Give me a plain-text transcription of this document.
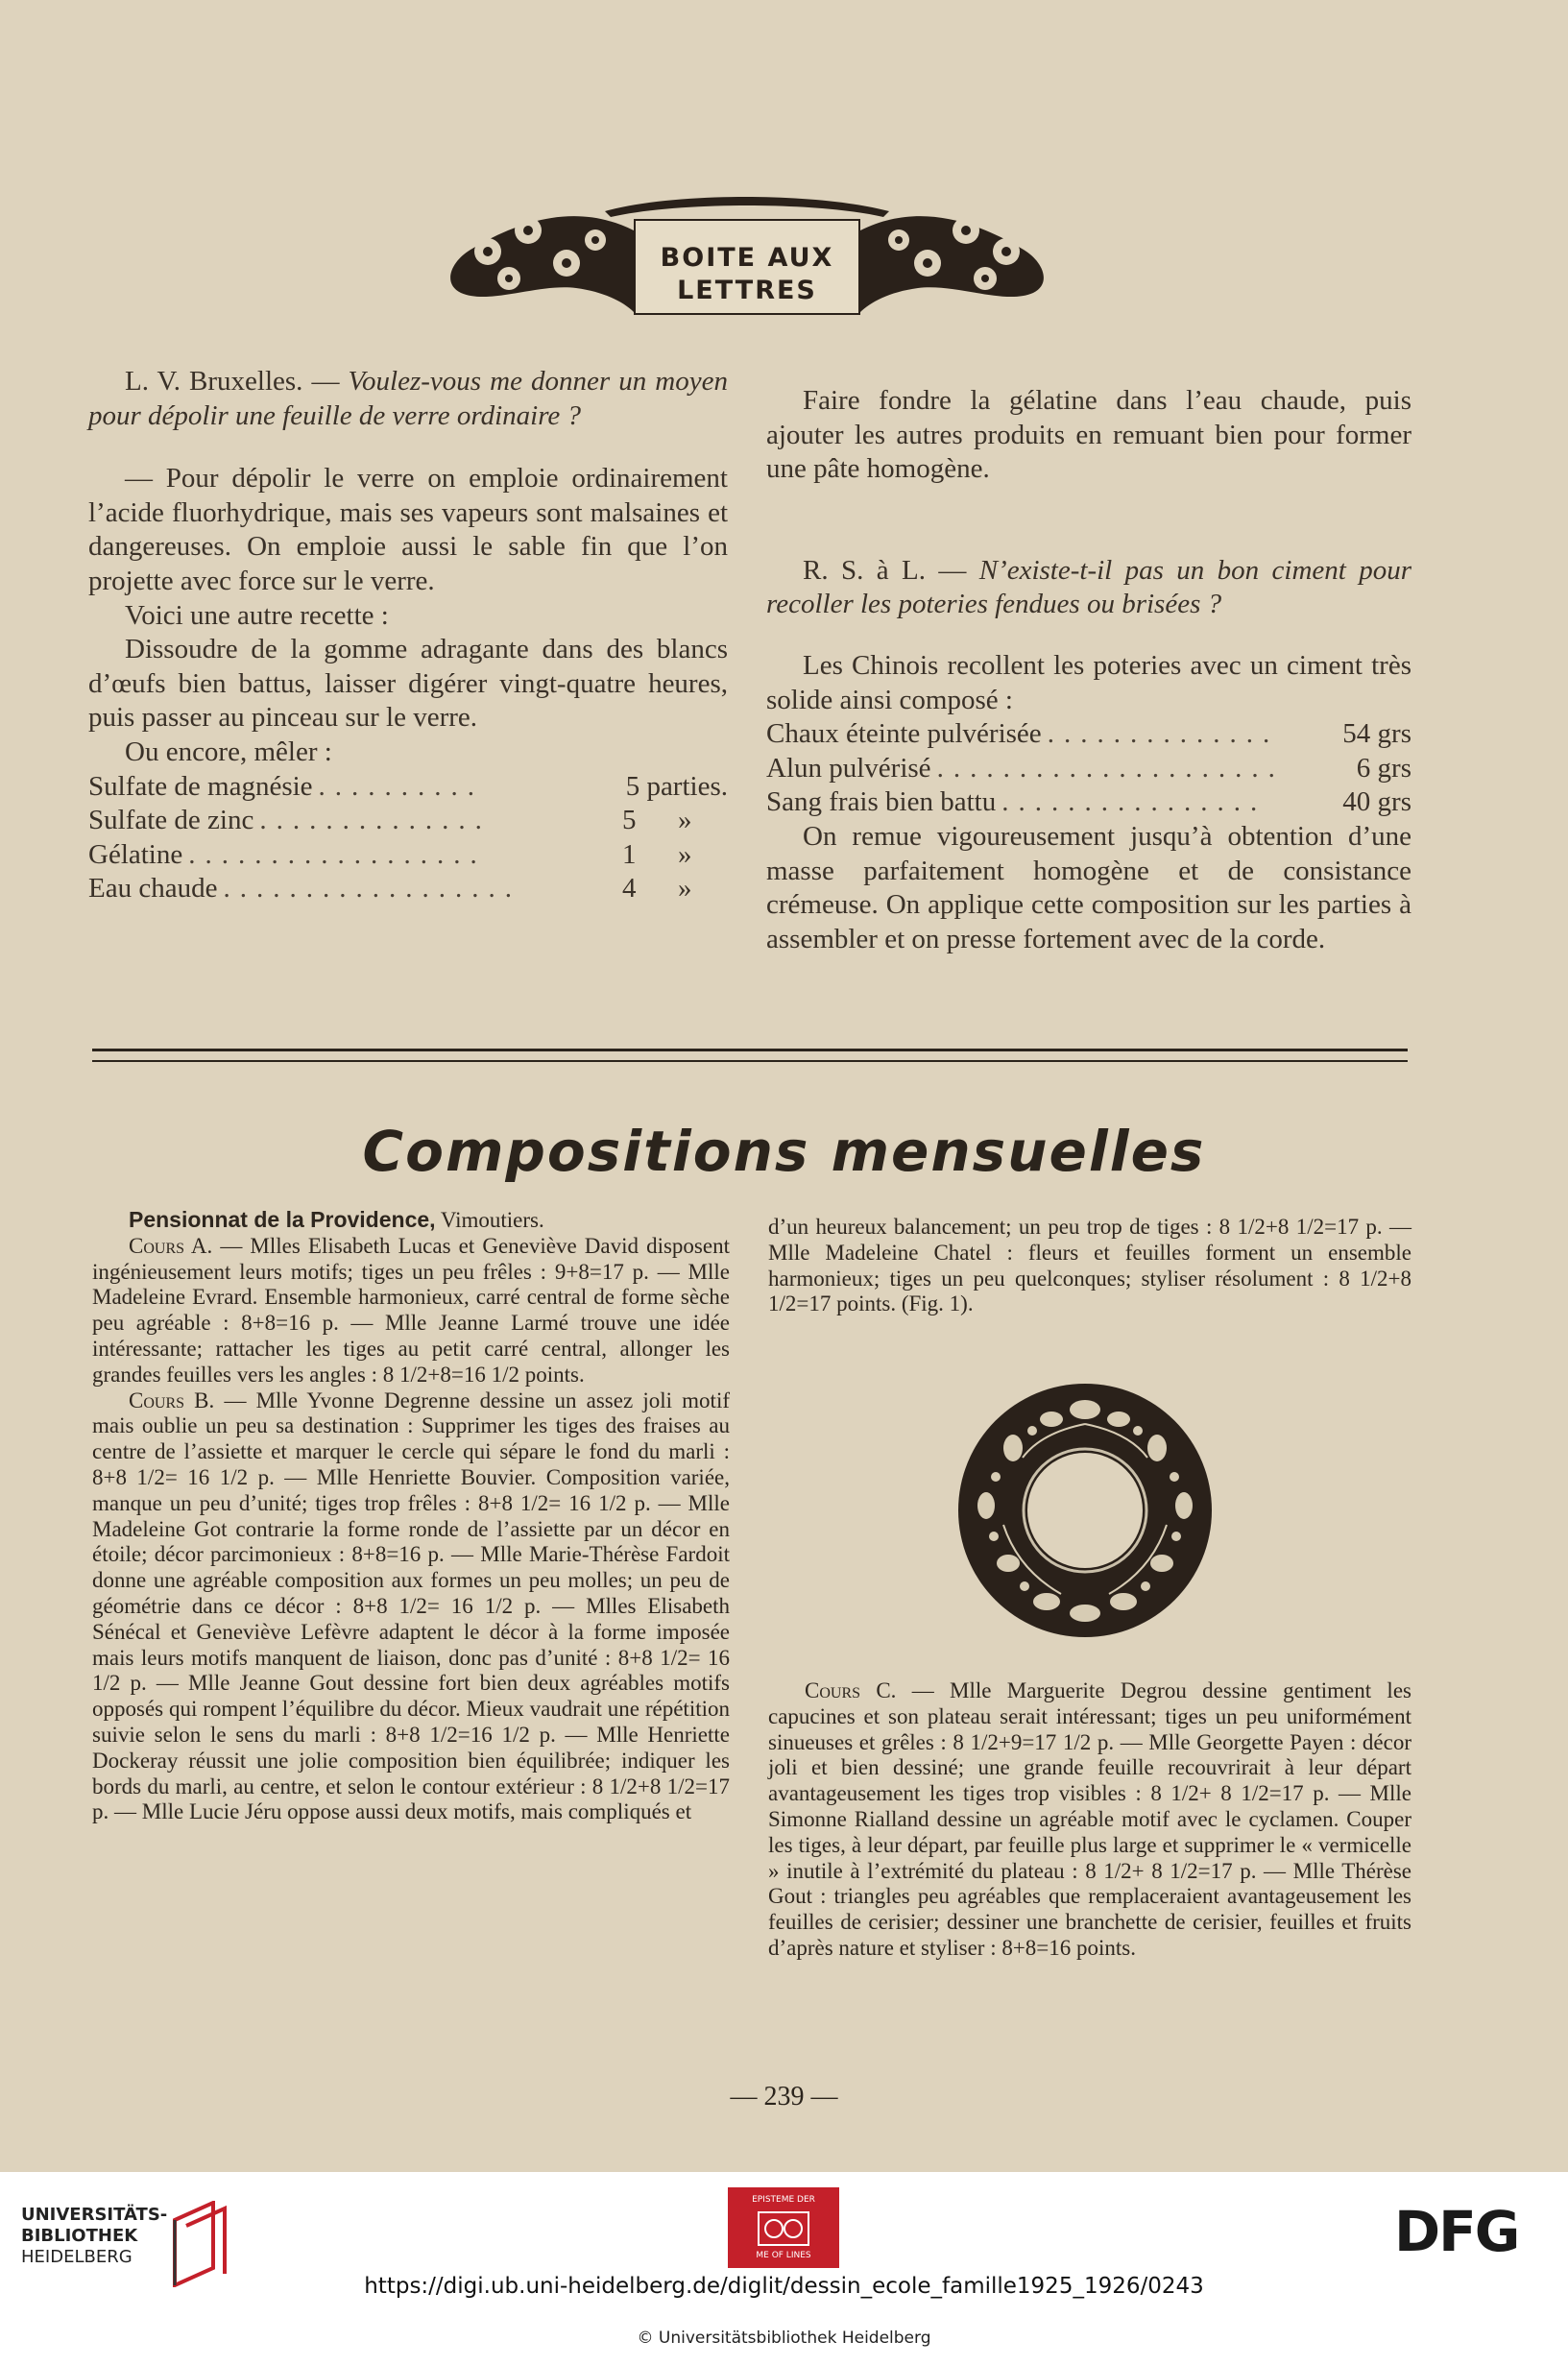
BOITE AUX
LETTRES

L. V. Bruxelles. — Voulez-vous me donner un moyen pour dépolir une feuille de verre ordinaire ?

— Pour dépolir le verre on emploie ordinairement l’acide fluorhydrique, mais ses vapeurs sont malsaines et dangereuses. On emploie aussi le sable fin que l’on projette avec force sur le verre.

Voici une autre recette :

Dissoudre de la gomme adragante dans des blancs d’œufs bien battus, laisser digérer vingt-quatre heures, puis passer au pinceau sur le verre.

Ou encore, mêler :

Sulfate de magnésie ..........	5 parties.
Sulfate de zinc ..............	5      »
Gélatine ..................	1      »
Eau chaude ..................	4      »

Faire fondre la gélatine dans l’eau chaude, puis ajouter les autres produits en remuant bien pour former une pâte homogène.

R. S. à L. — N’existe-t-il pas un bon ciment pour recoller les poteries fendues ou brisées ?

Les Chinois recollent les poteries avec un ciment très solide ainsi composé :

Chaux éteinte pulvérisée ..............	54 grs
Alun pulvérisé .....................	6 grs
Sang frais bien battu ................	40 grs

On remue vigoureusement jusqu’à obtention d’une masse parfaitement homogène et de consistance crémeuse. On applique cette composition sur les parties à assembler et on presse fortement avec de la corde.

Compositions mensuelles

Pensionnat de la Providence, Vimoutiers.

Cours A. — Mlles Elisabeth Lucas et Geneviève David disposent ingénieusement leurs motifs; tiges un peu frêles : 9+8=17 p. — Mlle Madeleine Evrard. Ensemble harmonieux, carré central de forme sèche peu agréable : 8+8=16 p. — Mlle Jeanne Larmé trouve une idée intéressante; rattacher les tiges au petit carré central, allonger les grandes feuilles vers les angles : 8 1/2+8=16 1/2 points.

Cours B. — Mlle Yvonne Degrenne dessine un assez joli motif mais oublie un peu sa destination : Supprimer les tiges des fraises au centre de l’assiette et marquer le cercle qui sépare le fond du marli : 8+8 1/2= 16 1/2 p. — Mlle Henriette Bouvier. Composition variée, manque un peu d’unité; tiges trop frêles : 8+8 1/2= 16 1/2 p. — Mlle Madeleine Got contrarie la forme ronde de l’assiette par un décor en étoile; décor parcimonieux : 8+8=16 p. — Mlle Marie-Thérèse Fardoit donne une agréable composition aux formes un peu molles; un peu de géométrie dans ce décor : 8+8 1/2= 16 1/2 p. — Mlles Elisabeth Sénécal et Geneviève Lefèvre adaptent le décor à la forme imposée mais leurs motifs manquent de liaison, donc pas d’unité : 8+8 1/2= 16 1/2 p. — Mlle Jeanne Gout dessine fort bien deux agréables motifs opposés qui rompent l’équilibre du décor. Mieux vaudrait une répétition suivie selon le sens du marli : 8+8 1/2=16 1/2 p. — Mlle Henriette Dockeray réussit une jolie composition bien équilibrée; indiquer les bords du marli, au centre, et selon le contour extérieur : 8 1/2+8 1/2=17 p. — Mlle Lucie Jéru oppose aussi deux motifs, mais compliqués et

d’un heureux balancement; un peu trop de tiges : 8 1/2+8 1/2=17 p. — Mlle Madeleine Chatel : fleurs et feuilles forment un ensemble harmonieux; tiges un peu quelconques; styliser résolument : 8 1/2+8 1/2=17 points. (Fig. 1).

Cours C. — Mlle Marguerite Degrou dessine gentiment les capucines et son plateau serait intéressant; tiges un peu uniformément sinueuses et grêles : 8 1/2+9=17 1/2 p. — Mlle Georgette Payen : décor joli et bien dessiné; une grande feuille recouvrirait à leur départ avantageusement les tiges trop visibles : 8 1/2+ 8 1/2=17 p. — Mlle Simonne Rialland dessine un agréable motif avec le cyclamen. Couper les tiges, à leur départ, par feuille plus large et supprimer le « vermicelle » inutile à l’extrémité du plateau : 8 1/2+ 8 1/2=17 p. — Mlle Thérèse Gout : triangles peu agréables que remplaceraient avantageusement les feuilles de cerisier; dessiner une branchette de cerisier, feuilles et fruits d’après nature et styliser : 8+8=16 points.

— 239 —
UNIVERSITÄTS-
BIBLIOTHEK
HEIDELBERG
EPISTEME DER
ME OF LINES	DFG
https://digi.ub.uni-heidelberg.de/diglit/dessin_ecole_famille1925_1926/0243
© Universitätsbibliothek Heidelberg
